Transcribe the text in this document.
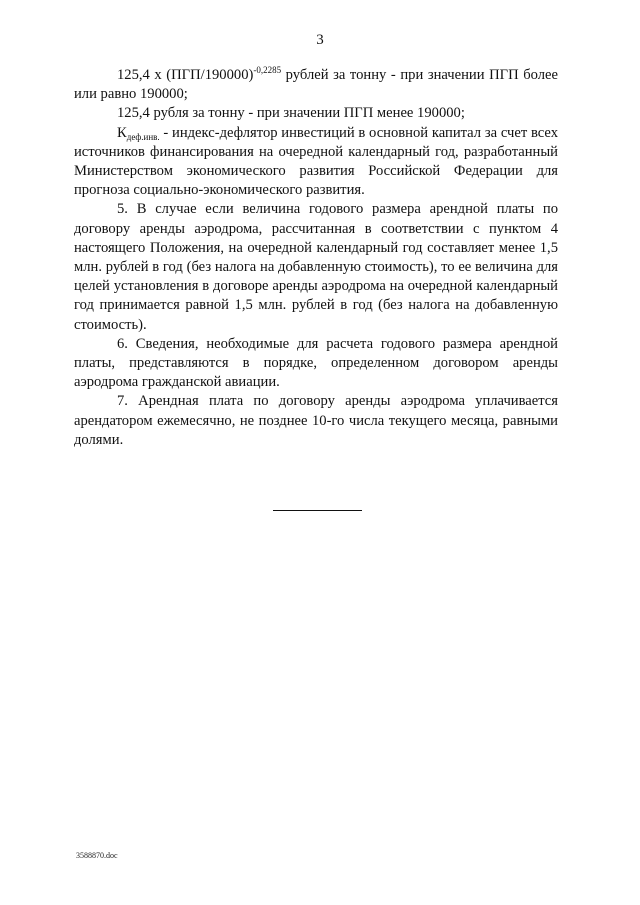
3

125,4 х $(ПГП/190000)^{-0,2285}$ рублей за тонну - при значении ПГП более или равно 190000;

125,4 рубля за тонну - при значении ПГП менее 190000;

$К_{деф.инв.}$ - индекс-дефлятор инвестиций в основной капитал за счет всех источников финансирования на очередной календарный год, разработанный Министерством экономического развития Российской Федерации для прогноза социально-экономического развития.

5. В случае если величина годового размера арендной платы по договору аренды аэродрома, рассчитанная в соответствии с пунктом 4 настоящего Положения, на очередной календарный год составляет менее 1,5 млн. рублей в год (без налога на добавленную стоимость), то ее величина для целей установления в договоре аренды аэродрома на очередной календарный год принимается равной 1,5 млн. рублей в год (без налога на добавленную стоимость).

6. Сведения, необходимые для расчета годового размера арендной платы, представляются в порядке, определенном договором аренды аэродрома гражданской авиации.

7. Арендная плата по договору аренды аэродрома уплачивается арендатором ежемесячно, не позднее 10-го числа текущего месяца, равными долями.

3588870.doc
